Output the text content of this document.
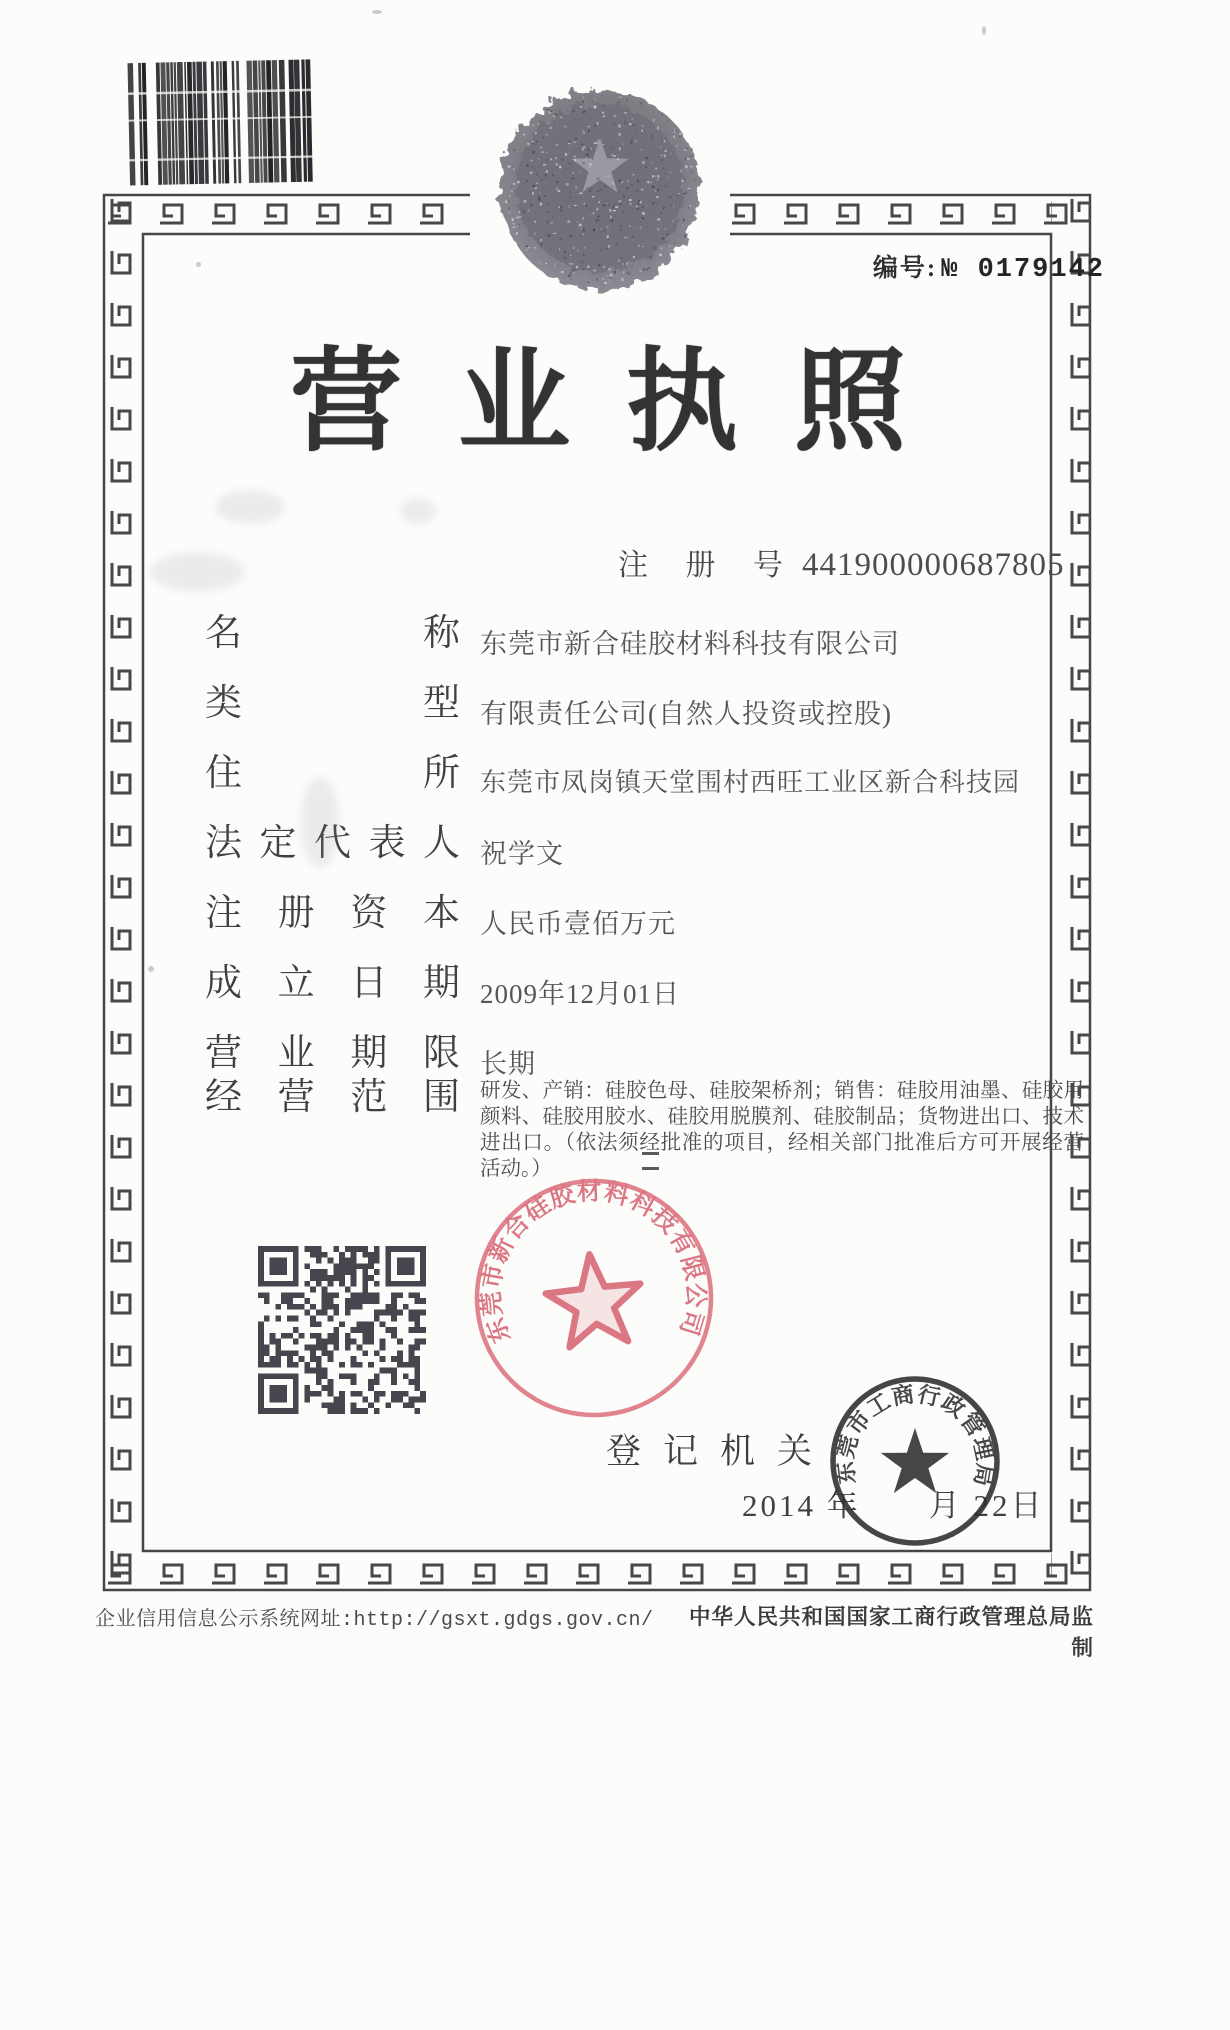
编号: № 0179142
营业执照
注 册 号 441900000687805
名称 东莞市新合硅胶材料科技有限公司
类型 有限责任公司(自然人投资或控股)
住所 东莞市凤岗镇天堂围村西旺工业区新合科技园
法定代表人 祝学文
注册资本 人民币壹佰万元
成立日期 2009年12月01日
营业期限 长期
经营范围 研发、产销：硅胶色母、硅胶架桥剂；销售：硅胶用油墨、硅胶用颜料、硅胶用胶水、硅胶用脱膜剂、硅胶制品；货物进出口、技术进出口。（依法须经批准的项目，经相关部门批准后方可开展经营活动。）
东莞市新合硅胶材料科技有限公司
登记机关
2014 年　　月 22日
东莞市工商行政管理局
企业信用信息公示系统网址:http://gsxt.gdgs.gov.cn/ 中华人民共和国国家工商行政管理总局监制
